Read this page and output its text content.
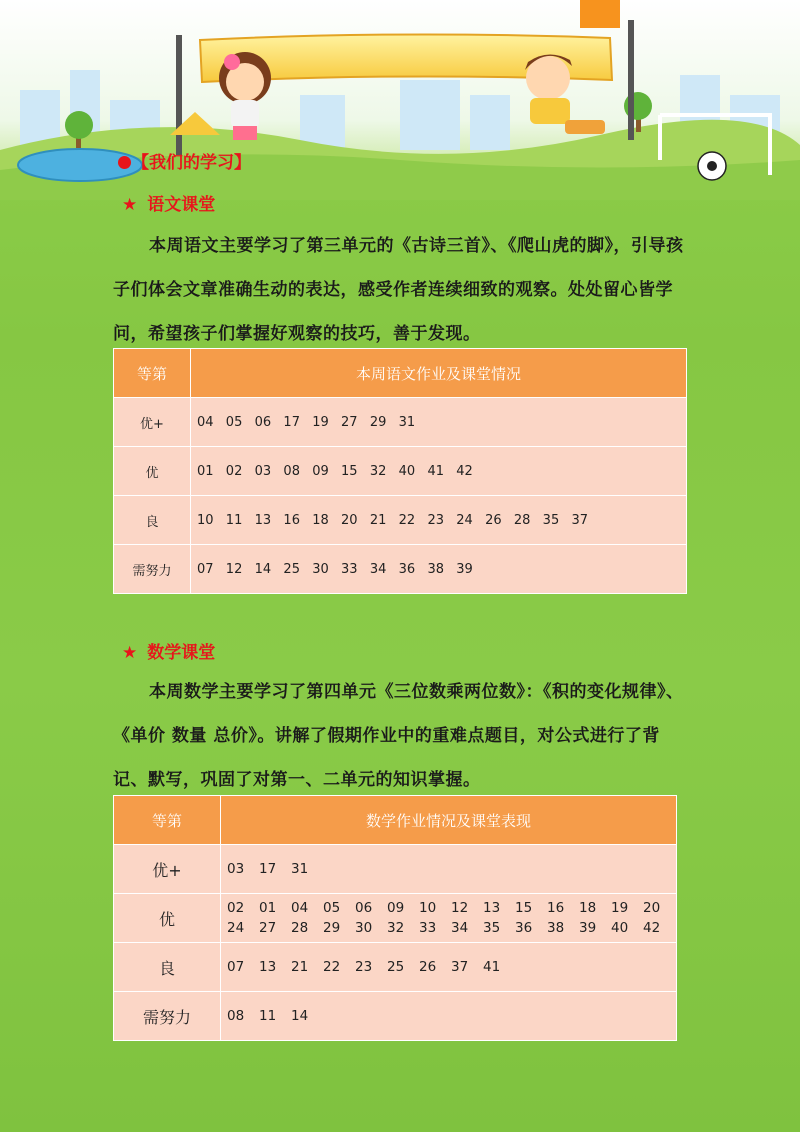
【我们的学习】
★ 语文课堂
本周语文主要学习了第三单元的《古诗三首》、《爬山虎的脚》，引导孩子们体会文章准确生动的表达，感受作者连续细致的观察。处处留心皆学问，希望孩子们掌握好观察的技巧，善于发现。
等第	本周语文作业及课堂情况
优+	04  05  06  17  19  27  29  31
优	01  02  03  08  09  15  32  40  41  42
良	10  11  13  16  18  20  21  22  23  24  26  28  35  37
需努力	07  12  14  25  30  33  34  36  38  39
★ 数学课堂
本周数学主要学习了第四单元《三位数乘两位数》：《积的变化规律》、《单价 数量 总价》。讲解了假期作业中的重难点题目，对公式进行了背记、默写，巩固了对第一、二单元的知识掌握。
等第	数学作业情况及课堂表现
优+	03 17 31

优	02 01 04 05 06 09 10 12 13 15 16 18 19 20
24 27 28 29 30 32 33 34 35 36 38 39 40 42

良	07 13 21 22 23 25 26 37 41

需努力	08 11 14
